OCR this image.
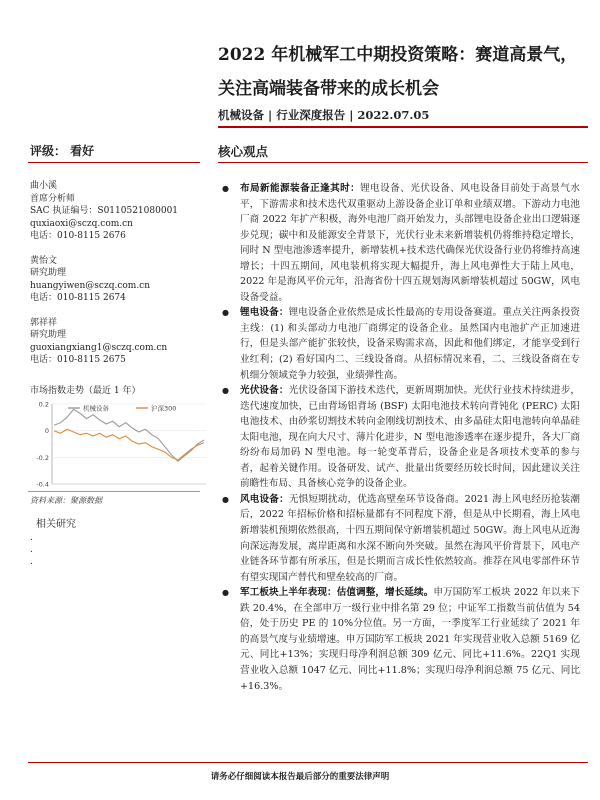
2022 年机械军工中期投资策略：赛道高景气，关注高端装备带来的成长机会
机械设备 | 行业深度报告 | 2022.07.05
评级： 看好	核心观点
曲小溪
首席分析师
SAC 执证编号：S0110521080001
quxiaoxi@sczq.com.cn
电话：010-8115 2676
黄怡文
研究助理
huangyiwen@sczq.com.cn
电话：010-8115 2674
郭祥祥
研究助理
guoxiangxiang1@sczq.com.cn
电话：010-8115 2675
市场指数走势（最近 1 年）
0.2
0
-0.2
-0.4
机械设备	沪深300
资料来源：聚源数据
相关研究
.
.
.
● 布局新能源装备正逢其时：锂电设备、光伏设备、风电设备目前处于高景气水平，下游需求和技术迭代双重驱动上游设备企业订单和业绩双增。下游动力电池厂商 2022 年扩产积极，海外电池厂商开始发力，头部锂电设备企业出口逻辑逐步兑现；碳中和及能源安全背景下，光伏行业未来新增装机仍将维持稳定增长，同时 N 型电池渗透率提升，新增装机+技术迭代确保光伏设备行业仍将维持高速增长；十四五期间，风电装机将实现大幅提升，海上风电弹性大于陆上风电，2022 年是海风平价元年，沿海省份十四五规划海风新增装机超过 50GW，风电设备受益。
● 锂电设备：锂电设备企业依然是成长性最高的专用设备赛道。重点关注两条投资主线：(1) 和头部动力电池厂商绑定的设备企业。虽然国内电池扩产正加速进行，但是头部产能扩张较快，设备采购需求高，因此和他们绑定，才能享受到行业红利；(2) 看好国内二、三线设备商。从招标情况来看，二、三线设备商在专机细分领域竞争力较强，业绩弹性高。
● 光伏设备：光伏设备国下游技术迭代，更新周期加快。光伏行业技术持续进步，迭代速度加快，已由背场铝背场 (BSF) 太阳电池技术转向背钝化 (PERC) 太阳电池技术、由砂浆切割技术转向金刚线切割技术、由多晶硅太阳电池转向单晶硅太阳电池，现在向大尺寸、薄片化进步，N 型电池渗透率在逐步提升，各大厂商纷纷布局加码 N 型电池。每一轮变革背后，设备企业是各项技术变革的参与者，起着关键作用。设备研发、试产、批量出货要经历较长时间，因此建议关注前瞻性布局、具备核心竞争的设备企业。
● 风电设备：无惧短期扰动，优选高壁垒环节设备商。2021 海上风电经历抢装潮后，2022 年招标价格和招标量都有不同程度下滑，但是从中长期看，海上风电新增装机预期依然很高，十四五期间保守新增装机超过 50GW。海上风电从近海向深远海发展，离岸距离和水深不断向外突破。虽然在海风平价背景下，风电产业链各环节都有所承压，但是长期而言成长性依然较高。推荐在风电零部件环节有望实现国产替代和壁垒较高的厂商。
● 军工板块上半年表现：估值调整，增长延续。申万国防军工板块 2022 年以来下跌 20.4%，在全部申万一级行业中排名第 29 位；中证军工指数当前估值为 54 倍，处于历史 PE 的 10%分位值。另一方面，一季度军工行业延续了 2021 年的高景气度与业绩增速。申万国防军工板块 2021 年实现营业收入总额 5169 亿元、同比+13%；实现归母净利润总额 309 亿元、同比+11.6%。22Q1 实现营业收入总额 1047 亿元、同比+11.8%；实现归母净利润总额 75 亿元、同比+16.3%。
请务必仔细阅读本报告最后部分的重要法律声明
